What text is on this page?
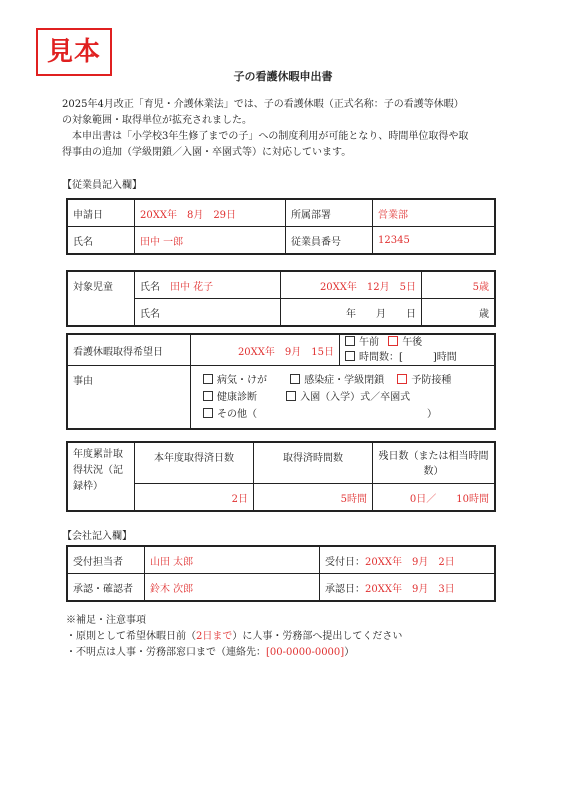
見本
子の看護休暇申出書
2025年4月改正「育児・介護休業法」では、子の看護休暇（正式名称：子の看護等休暇）
の対象範囲・取得単位が拡充されました。
　本申出書は「小学校3年生修了までの子」への制度利用が可能となり、時間単位取得や取
得事由の追加（学級閉鎖／入園・卒園式等）に対応しています。
【従業員記入欄】
申請日	20XX年　8月　29日	所属部署	営業部
氏名	田中 一郎	従業員番号	12345
対象児童	氏名　 田中 花子	20XX年　12月　5日	5歳
	氏名	年　　月　　日	歳
看護休暇取得希望日	20XX年　9月　15日	午前 午後
時間数：[　　　 ]時間
事由	病気・けが 感染症・学級閉鎖 予防接種
健康診断 入園（入学）式／卒園式
その他（ ）	
年度累計取得状況（記録枠）	本年度取得済日数	取得済時間数	残日数（または相当時間数）
	2日	5時間	0日／　　 10時間
【会社記入欄】
受付担当者	山田 太郎	受付日：20XX年　9月　2日
承認・確認者	鈴木 次郎	承認日：20XX年　9月　3日
※補足・注意事項
・原則として希望休暇日前（2日まで）に人事・労務部へ提出してください
・不明点は人事・労務部窓口まで（連絡先：[00-0000-0000]）
